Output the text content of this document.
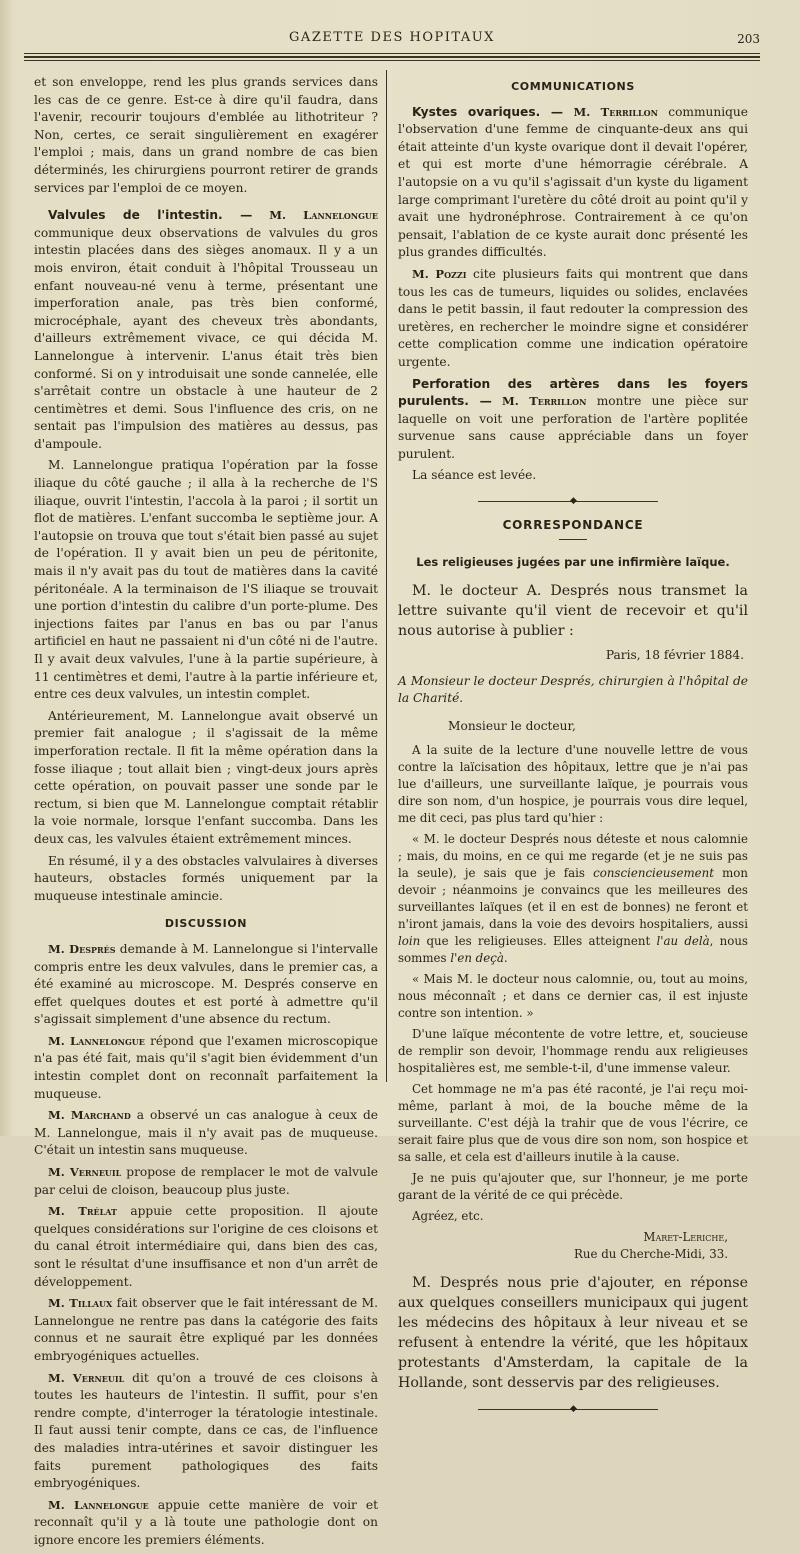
GAZETTE DES HOPITAUX	203

et son enveloppe, rend les plus grands services dans les cas de ce genre. Est-ce à dire qu'il faudra, dans l'avenir, recourir toujours d'emblée au lithotriteur ? Non, certes, ce serait singulièrement en exagérer l'emploi ; mais, dans un grand nombre de cas bien déterminés, les chirurgiens pourront retirer de grands services par l'emploi de ce moyen.

Valvules de l'intestin. — M. Lannelongue communique deux observations de valvules du gros intestin placées dans des sièges anomaux. Il y a un mois environ, était conduit à l'hôpital Trousseau un enfant nouveau-né venu à terme, présentant une imperforation anale, pas très bien conformé, microcéphale, ayant des cheveux très abondants, d'ailleurs extrêmement vivace, ce qui décida M. Lannelongue à intervenir. L'anus était très bien conformé. Si on y introduisait une sonde cannelée, elle s'arrêtait contre un obstacle à une hauteur de 2 centimètres et demi. Sous l'influence des cris, on ne sentait pas l'impulsion des matières au dessus, pas d'ampoule.

M. Lannelongue pratiqua l'opération par la fosse iliaque du côté gauche ; il alla à la recherche de l'S iliaque, ouvrit l'intestin, l'accola à la paroi ; il sortit un flot de matières. L'enfant succomba le septième jour. A l'autopsie on trouva que tout s'était bien passé au sujet de l'opération. Il y avait bien un peu de péritonite, mais il n'y avait pas du tout de matières dans la cavité péritonéale. A la terminaison de l'S iliaque se trouvait une portion d'intestin du calibre d'un porte-plume. Des injections faites par l'anus en bas ou par l'anus artificiel en haut ne passaient ni d'un côté ni de l'autre. Il y avait deux valvules, l'une à la partie supérieure, à 11 centimètres et demi, l'autre à la partie inférieure et, entre ces deux valvules, un intestin complet.

Antérieurement, M. Lannelongue avait observé un premier fait analogue ; il s'agissait de la même imperforation rectale. Il fit la même opération dans la fosse iliaque ; tout allait bien ; vingt-deux jours après cette opération, on pouvait passer une sonde par le rectum, si bien que M. Lannelongue comptait rétablir la voie normale, lorsque l'enfant succomba. Dans les deux cas, les valvules étaient extrêmement minces.

En résumé, il y a des obstacles valvulaires à diverses hauteurs, obstacles formés uniquement par la muqueuse intestinale amincie.

DISCUSSION

M. Després demande à M. Lannelongue si l'intervalle compris entre les deux valvules, dans le premier cas, a été examiné au microscope. M. Després conserve en effet quelques doutes et est porté à admettre qu'il s'agissait simplement d'une absence du rectum.

M. Lannelongue répond que l'examen microscopique n'a pas été fait, mais qu'il s'agit bien évidemment d'un intestin complet dont on reconnaît parfaitement la muqueuse.

M. Marchand a observé un cas analogue à ceux de M. Lannelongue, mais il n'y avait pas de muqueuse. C'était un intestin sans muqueuse.

M. Verneuil propose de remplacer le mot de valvule par celui de cloison, beaucoup plus juste.

M. Trélat appuie cette proposition. Il ajoute quelques considérations sur l'origine de ces cloisons et du canal étroit intermédiaire qui, dans bien des cas, sont le résultat d'une insuffisance et non d'un arrêt de développement.

M. Tillaux fait observer que le fait intéressant de M. Lannelongue ne rentre pas dans la catégorie des faits connus et ne saurait être expliqué par les données embryogéniques actuelles.

M. Verneuil dit qu'on a trouvé de ces cloisons à toutes les hauteurs de l'intestin. Il suffit, pour s'en rendre compte, d'interroger la tératologie intestinale. Il faut aussi tenir compte, dans ce cas, de l'influence des maladies intra-utérines et savoir distinguer les faits purement pathologiques des faits embryogéniques.

M. Lannelongue appuie cette manière de voir et reconnaît qu'il y a là toute une pathologie dont on ignore encore les premiers éléments.

COMMUNICATIONS

Kystes ovariques. — M. Terrillon communique l'observation d'une femme de cinquante-deux ans qui était atteinte d'un kyste ovarique dont il devait l'opérer, et qui est morte d'une hémorragie cérébrale. A l'autopsie on a vu qu'il s'agissait d'un kyste du ligament large comprimant l'uretère du côté droit au point qu'il y avait une hydronéphrose. Contrairement à ce qu'on pensait, l'ablation de ce kyste aurait donc présenté les plus grandes difficultés.

M. Pozzi cite plusieurs faits qui montrent que dans tous les cas de tumeurs, liquides ou solides, enclavées dans le petit bassin, il faut redouter la compression des uretères, en rechercher le moindre signe et considérer cette complication comme une indication opératoire urgente.

Perforation des artères dans les foyers purulents. — M. Terrillon montre une pièce sur laquelle on voit une perforation de l'artère poplitée survenue sans cause appréciable dans un foyer purulent.

La séance est levée.

◆
CORRESPONDANCE
Les religieuses jugées par une infirmière laïque.

M. le docteur A. Després nous transmet la lettre suivante qu'il vient de recevoir et qu'il nous autorise à publier :

Paris, 18 février 1884.

A Monsieur le docteur Després, chirurgien à l'hôpital de la Charité.

Monsieur le docteur,

A la suite de la lecture d'une nouvelle lettre de vous contre la laïcisation des hôpitaux, lettre que je n'ai pas lue d'ailleurs, une surveillante laïque, je pourrais vous dire son nom, d'un hospice, je pourrais vous dire lequel, me dit ceci, pas plus tard qu'hier :

« M. le docteur Després nous déteste et nous calomnie ; mais, du moins, en ce qui me regarde (et je ne suis pas la seule), je sais que je fais consciencieusement mon devoir ; néanmoins je convaincs que les meilleures des surveillantes laïques (et il en est de bonnes) ne feront et n'iront jamais, dans la voie des devoirs hospitaliers, aussi loin que les religieuses. Elles atteignent l'au delà, nous sommes l'en deçà.

« Mais M. le docteur nous calomnie, ou, tout au moins, nous méconnaît ; et dans ce dernier cas, il est injuste contre son intention. »

D'une laïque mécontente de votre lettre, et, soucieuse de remplir son devoir, l'hommage rendu aux religieuses hospitalières est, me semble-t-il, d'une immense valeur.

Cet hommage ne m'a pas été raconté, je l'ai reçu moi-même, parlant à moi, de la bouche même de la surveillante. C'est déjà la trahir que de vous l'écrire, ce serait faire plus que de vous dire son nom, son hospice et sa salle, et cela est d'ailleurs inutile à la cause.

Je ne puis qu'ajouter que, sur l'honneur, je me porte garant de la vérité de ce qui précède.

Agréez, etc.

Maret-Leriche,

Rue du Cherche-Midi, 33.

M. Després nous prie d'ajouter, en réponse aux quelques conseillers municipaux qui jugent les médecins des hôpitaux à leur niveau et se refusent à entendre la vérité, que les hôpitaux protestants d'Amsterdam, la capitale de la Hollande, sont desservis par des religieuses.

◆
